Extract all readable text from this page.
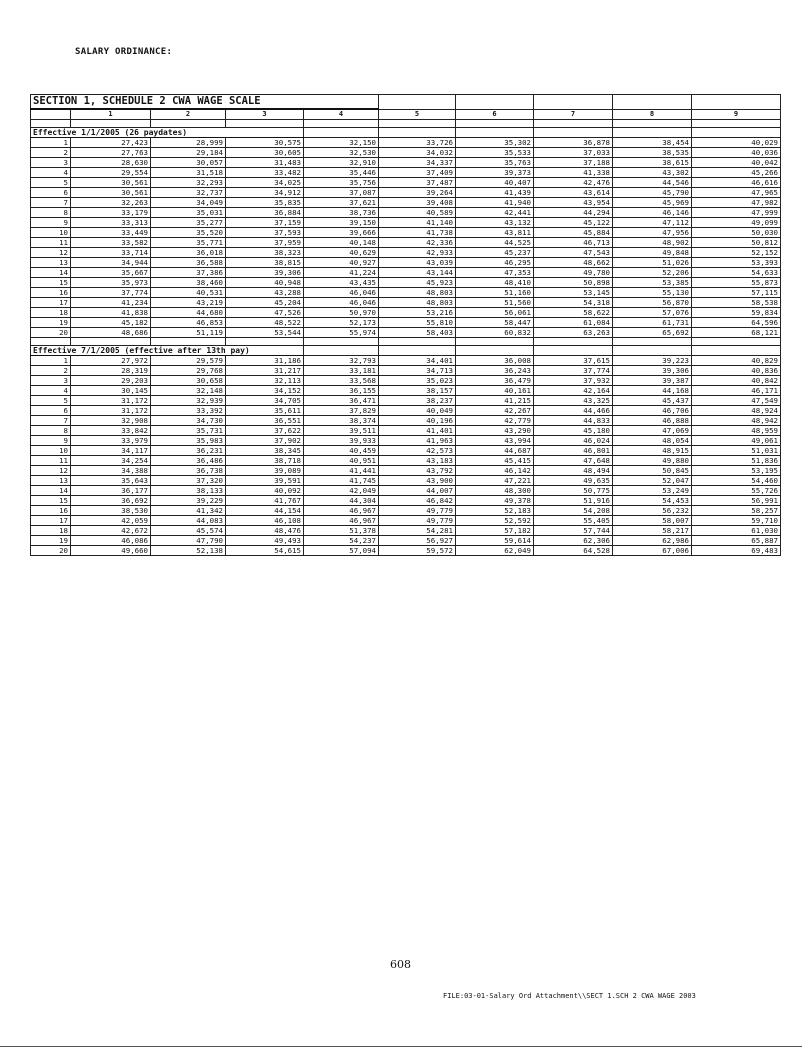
SALARY ORDINANCE:
SECTION 1, SCHEDULE 2 CWA WAGE SCALE									
	1	2	3	4	5	6	7	8	9

Effective 1/1/2005 (26 paydates)									
1	27,423	28,999	30,575	32,150	33,726	35,302	36,878	38,454	40,029
2	27,763	29,184	30,605	32,530	34,032	35,533	37,033	38,535	40,036
3	28,630	30,057	31,483	32,910	34,337	35,763	37,188	38,615	40,042
4	29,554	31,518	33,482	35,446	37,409	39,373	41,338	43,302	45,266
5	30,561	32,293	34,025	35,756	37,487	40,407	42,476	44,546	46,616
6	30,561	32,737	34,912	37,087	39,264	41,439	43,614	45,790	47,965
7	32,263	34,049	35,835	37,621	39,408	41,940	43,954	45,969	47,982
8	33,179	35,031	36,884	38,736	40,589	42,441	44,294	46,146	47,999
9	33,313	35,277	37,159	39,150	41,140	43,132	45,122	47,112	49,099
10	33,449	35,520	37,593	39,666	41,738	43,811	45,884	47,956	50,030
11	33,582	35,771	37,959	40,148	42,336	44,525	46,713	48,902	50,812
12	33,714	36,018	38,323	40,629	42,933	45,237	47,543	49,848	52,152
13	34,944	36,588	38,815	40,927	43,039	46,295	48,662	51,026	53,393
14	35,667	37,386	39,306	41,224	43,144	47,353	49,780	52,206	54,633
15	35,973	38,460	40,948	43,435	45,923	48,410	50,898	53,385	55,873
16	37,774	40,531	43,288	46,046	48,803	51,160	53,145	55,130	57,115
17	41,234	43,219	45,204	46,046	48,803	51,560	54,318	56,870	58,538
18	41,838	44,680	47,526	50,970	53,216	56,061	58,622	57,076	59,834
19	45,182	46,853	48,522	52,173	55,810	58,447	61,084	61,731	64,596
20	48,686	51,119	53,544	55,974	58,403	60,832	63,263	65,692	68,121

Effective 7/1/2005 (effective after 13th pay)									
1	27,972	29,579	31,186	32,793	34,401	36,008	37,615	39,223	40,829
2	28,319	29,768	31,217	33,181	34,713	36,243	37,774	39,306	40,836
3	29,203	30,658	32,113	33,568	35,023	36,479	37,932	39,387	40,842
4	30,145	32,148	34,152	36,155	38,157	40,161	42,164	44,168	46,171
5	31,172	32,939	34,705	36,471	38,237	41,215	43,325	45,437	47,549
6	31,172	33,392	35,611	37,829	40,049	42,267	44,466	46,706	48,924
7	32,908	34,730	36,551	38,374	40,196	42,779	44,833	46,888	48,942
8	33,842	35,731	37,622	39,511	41,401	43,290	45,180	47,069	48,959
9	33,979	35,983	37,902	39,933	41,963	43,994	46,024	48,054	49,061
10	34,117	36,231	38,345	40,459	42,573	44,687	46,801	48,915	51,031
11	34,254	36,486	38,718	40,951	43,183	45,415	47,648	49,880	51,836
12	34,388	36,738	39,089	41,441	43,792	46,142	48,494	50,845	53,195
13	35,643	37,320	39,591	41,745	43,900	47,221	49,635	52,047	54,460
14	36,177	38,133	40,092	42,049	44,007	48,300	50,775	53,249	55,726
15	36,692	39,229	41,767	44,304	46,842	49,378	51,916	54,453	56,991
16	38,530	41,342	44,154	46,967	49,779	52,183	54,208	56,232	58,257
17	42,059	44,083	46,108	46,967	49,779	52,592	55,405	58,007	59,710
18	42,672	45,574	48,476	51,378	54,281	57,182	57,744	58,217	61,030
19	46,086	47,790	49,493	54,237	56,927	59,614	62,306	62,986	65,887
20	49,660	52,138	54,615	57,094	59,572	62,049	64,528	67,006	69,483
608
FILE:03-01-Salary Ord Attachment\\SECT 1.SCH 2 CWA WAGE 2003
